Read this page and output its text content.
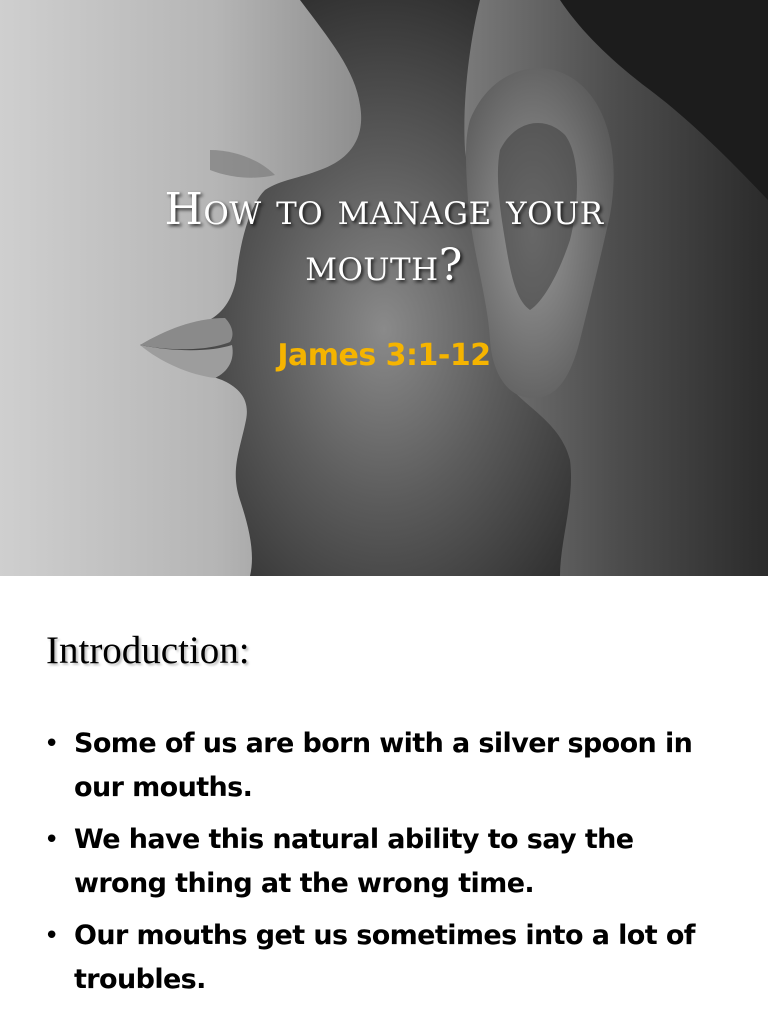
How to manage your
mouth?
James 3:1-12
Introduction:
• Some of us are born with a silver spoon in our mouths.
• We have this natural ability to say the wrong thing at the wrong time.
• Our mouths get us sometimes into a lot of troubles.
